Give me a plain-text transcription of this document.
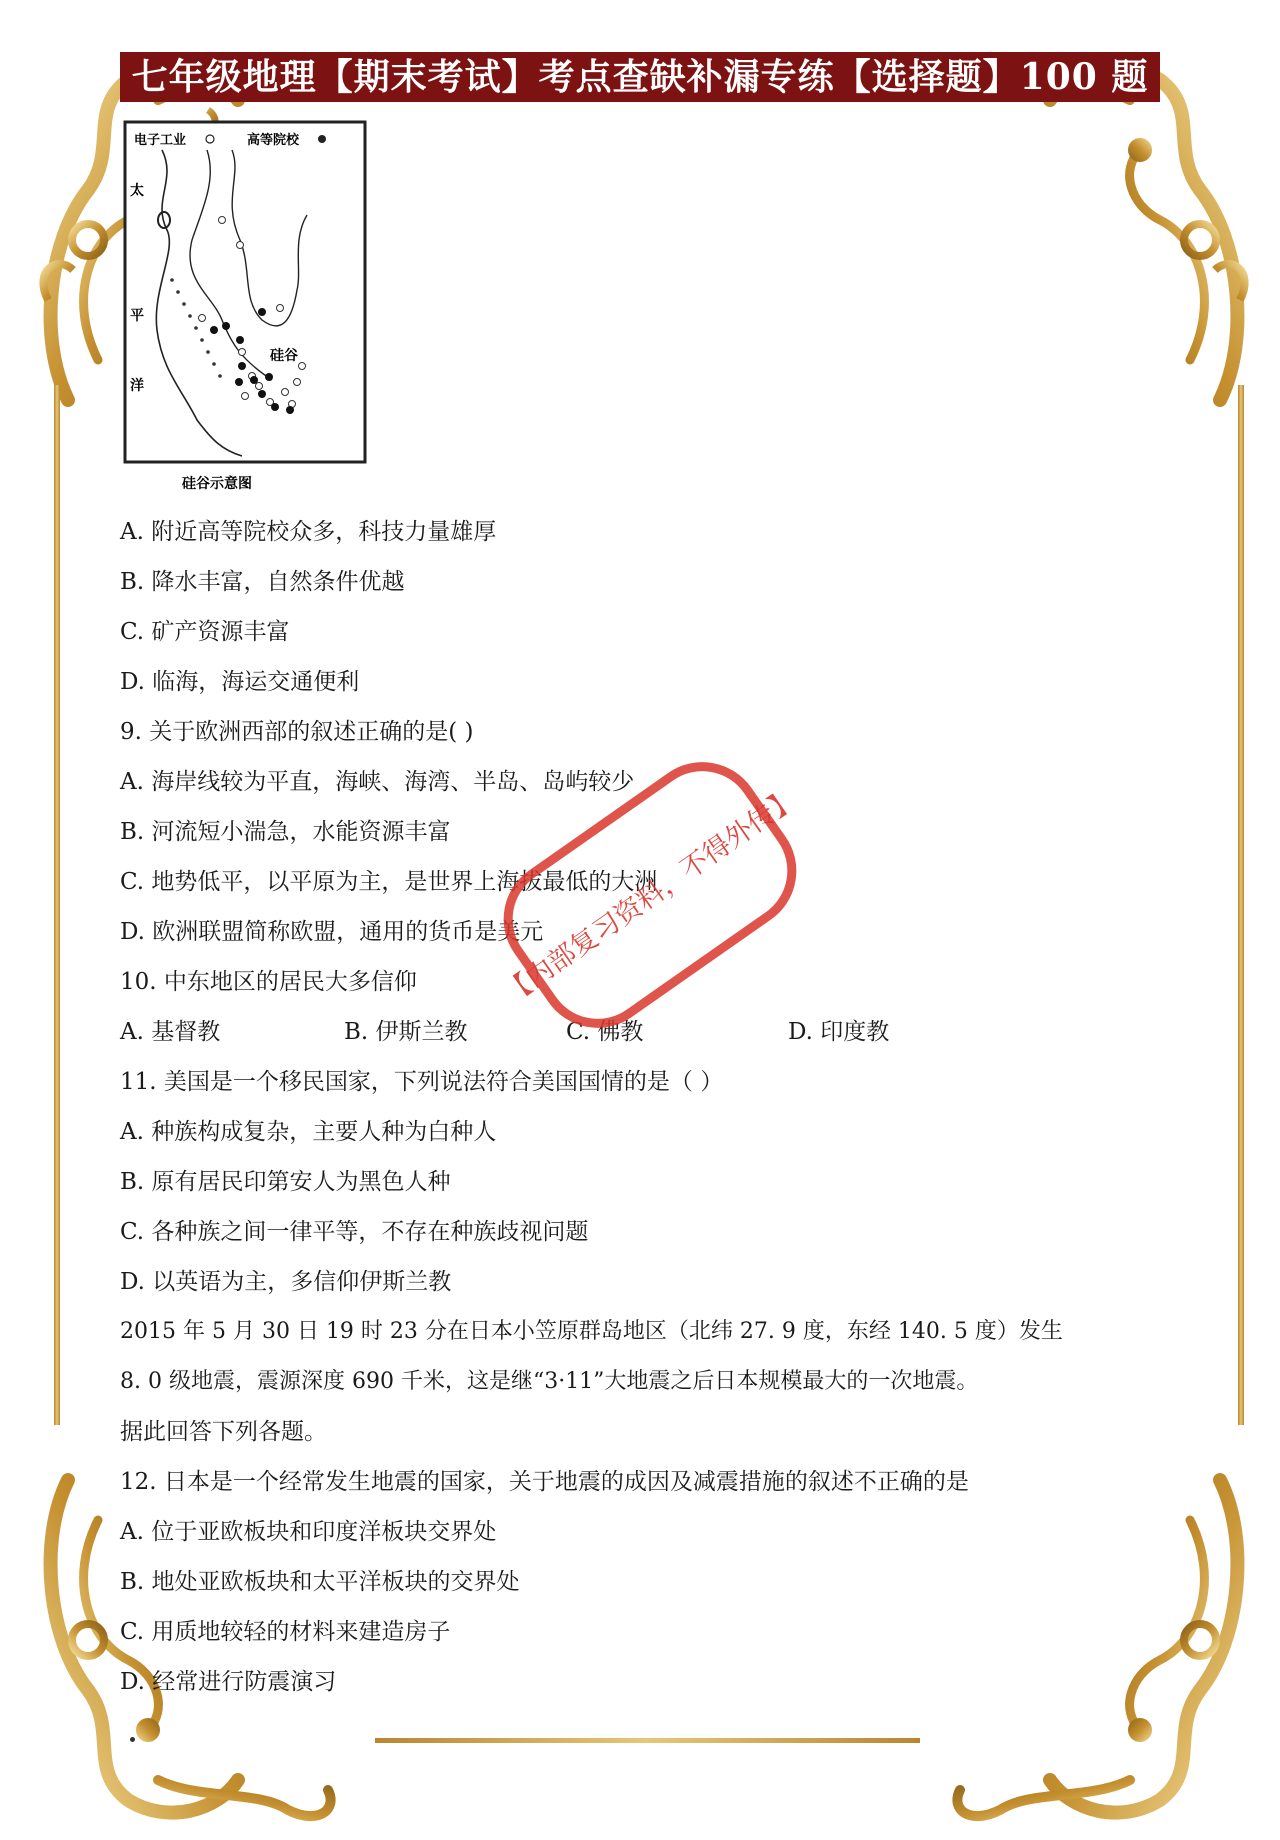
七年级地理【期末考试】考点查缺补漏专练【选择题】100 题
电子工业	高等院校
太
平
洋
硅谷
硅谷示意图
A. 附近高等院校众多，科技力量雄厚
B. 降水丰富，自然条件优越
C. 矿产资源丰富
D. 临海，海运交通便利
9. 关于欧洲西部的叙述正确的是( )
A. 海岸线较为平直，海峡、海湾、半岛、岛屿较少
B. 河流短小湍急，水能资源丰富
C. 地势低平，以平原为主，是世界上海拔最低的大洲
D. 欧洲联盟简称欧盟，通用的货币是美元
10. 中东地区的居民大多信仰
A. 基督教	B. 伊斯兰教	C. 佛教	D. 印度教
11. 美国是一个移民国家，下列说法符合美国国情的是（ ）
A. 种族构成复杂，主要人种为白种人
B. 原有居民印第安人为黑色人种
C. 各种族之间一律平等，不存在种族歧视问题
D. 以英语为主，多信仰伊斯兰教
2015 年 5 月 30 日 19 时 23 分在日本小笠原群岛地区（北纬 27. 9 度，东经 140. 5 度）发生
8. 0 级地震，震源深度 690 千米，这是继“3·11”大地震之后日本规模最大的一次地震。
据此回答下列各题。
12. 日本是一个经常发生地震的国家，关于地震的成因及减震措施的叙述不正确的是
A. 位于亚欧板块和印度洋板块交界处
B. 地处亚欧板块和太平洋板块的交界处
C. 用质地较轻的材料来建造房子
D. 经常进行防震演习
【内部复习资料，不得外传】
